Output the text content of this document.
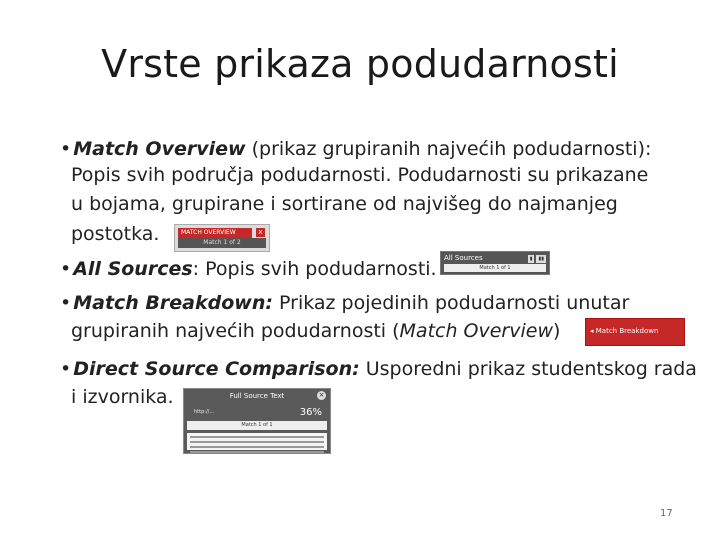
Vrste prikaza podudarnosti
• Match Overview (prikaz grupiranih najvećih podudarnosti):
Popis svih područja podudarnosti. Podudarnosti su prikazane
u bojama, grupirane i sortirane od najvišeg do najmanjeg
postotka.
• All Sources: Popis svih podudarnosti.
• Match Breakdown: Prikaz pojedinih podudarnosti unutar
grupiranih najvećih podudarnosti (Match Overview)
• Direct Source Comparison: Usporedni prikaz studentskog rada
i izvornika.
MATCH OVERVIEW	x
Match 1 of 2
All Sources	▮	▮▮
Match 1 of 1
◂ Match Breakdown
Full Source Text	×
http://...	36%
Match 1 of 1
17
